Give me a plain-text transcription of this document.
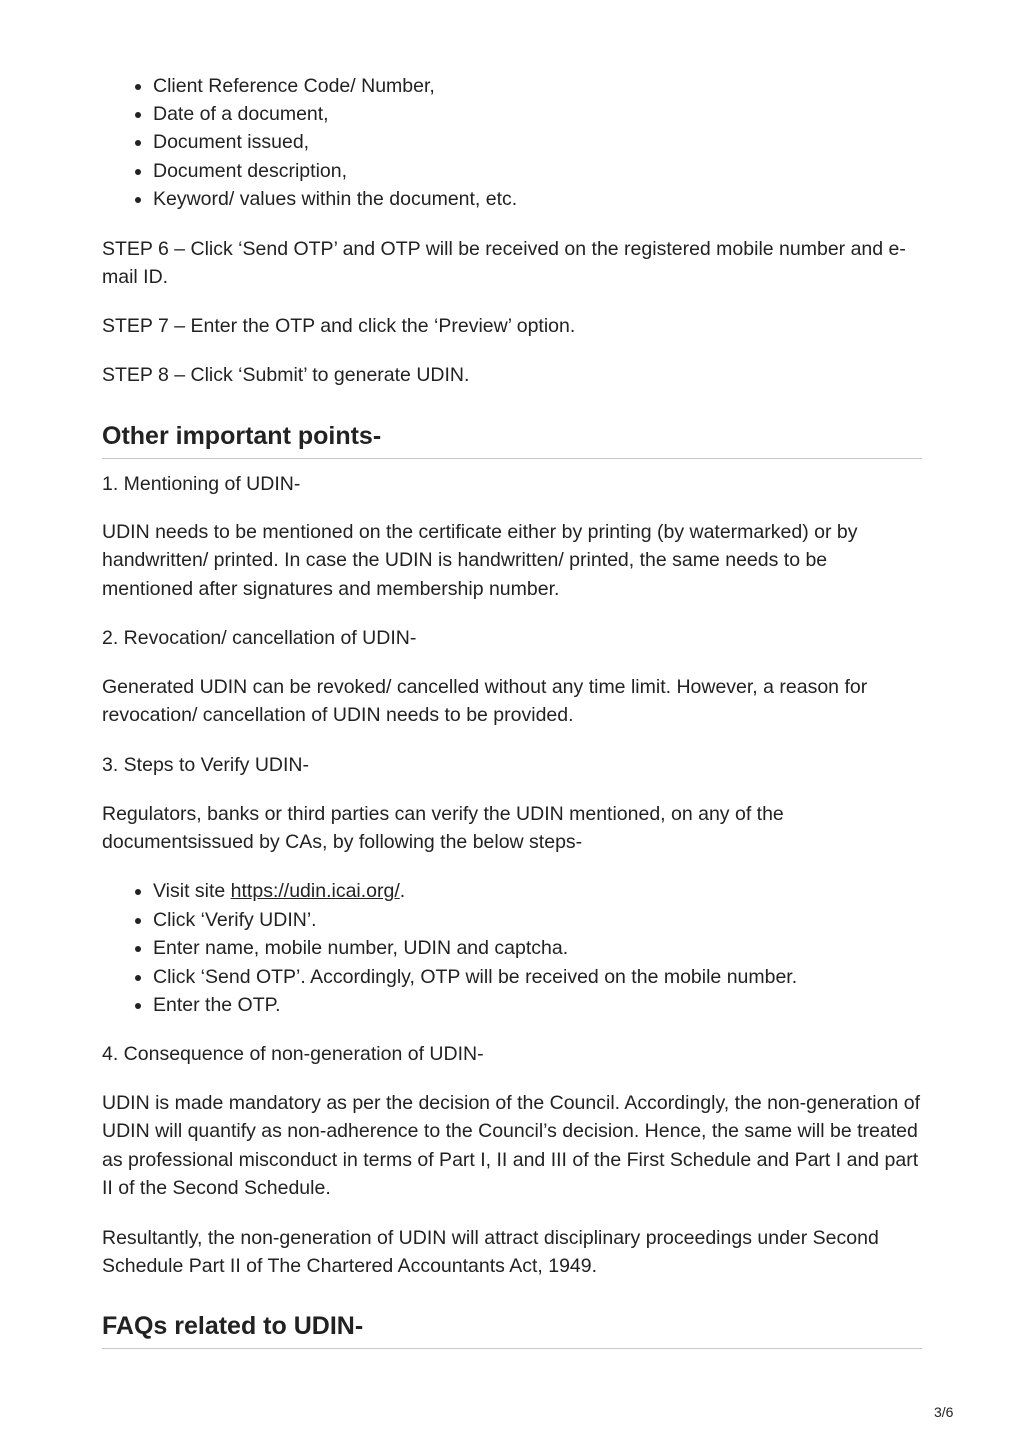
Client Reference Code/ Number,
Date of a document,
Document issued,
Document description,
Keyword/ values within the document, etc.

STEP 6 – Click ‘Send OTP’ and OTP will be received on the registered mobile number and e-mail ID.

STEP 7 – Enter the OTP and click the ‘Preview’ option.

STEP 8 – Click ‘Submit’ to generate UDIN.

Other important points-

1. Mentioning of UDIN-

UDIN needs to be mentioned on the certificate either by printing (by watermarked) or by handwritten/ printed. In case the UDIN is handwritten/ printed, the same needs to be mentioned after signatures and membership number.

2. Revocation/ cancellation of UDIN-

Generated UDIN can be revoked/ cancelled without any time limit. However, a reason for revocation/ cancellation of UDIN needs to be provided.

3. Steps to Verify UDIN-

Regulators, banks or third parties can verify the UDIN mentioned, on any of the documentsissued by CAs, by following the below steps-

Visit site https://udin.icai.org/.
Click ‘Verify UDIN’.
Enter name, mobile number, UDIN and captcha.
Click ‘Send OTP’. Accordingly, OTP will be received on the mobile number.
Enter the OTP.

4. Consequence of non-generation of UDIN-

UDIN is made mandatory as per the decision of the Council. Accordingly, the non-generation of UDIN will quantify as non-adherence to the Council’s decision. Hence, the same will be treated as professional misconduct in terms of Part I, II and III of the First Schedule and Part I and part II of the Second Schedule.

Resultantly, the non-generation of UDIN will attract disciplinary proceedings under Second Schedule Part II of The Chartered Accountants Act, 1949.

FAQs related to UDIN-
3/6
